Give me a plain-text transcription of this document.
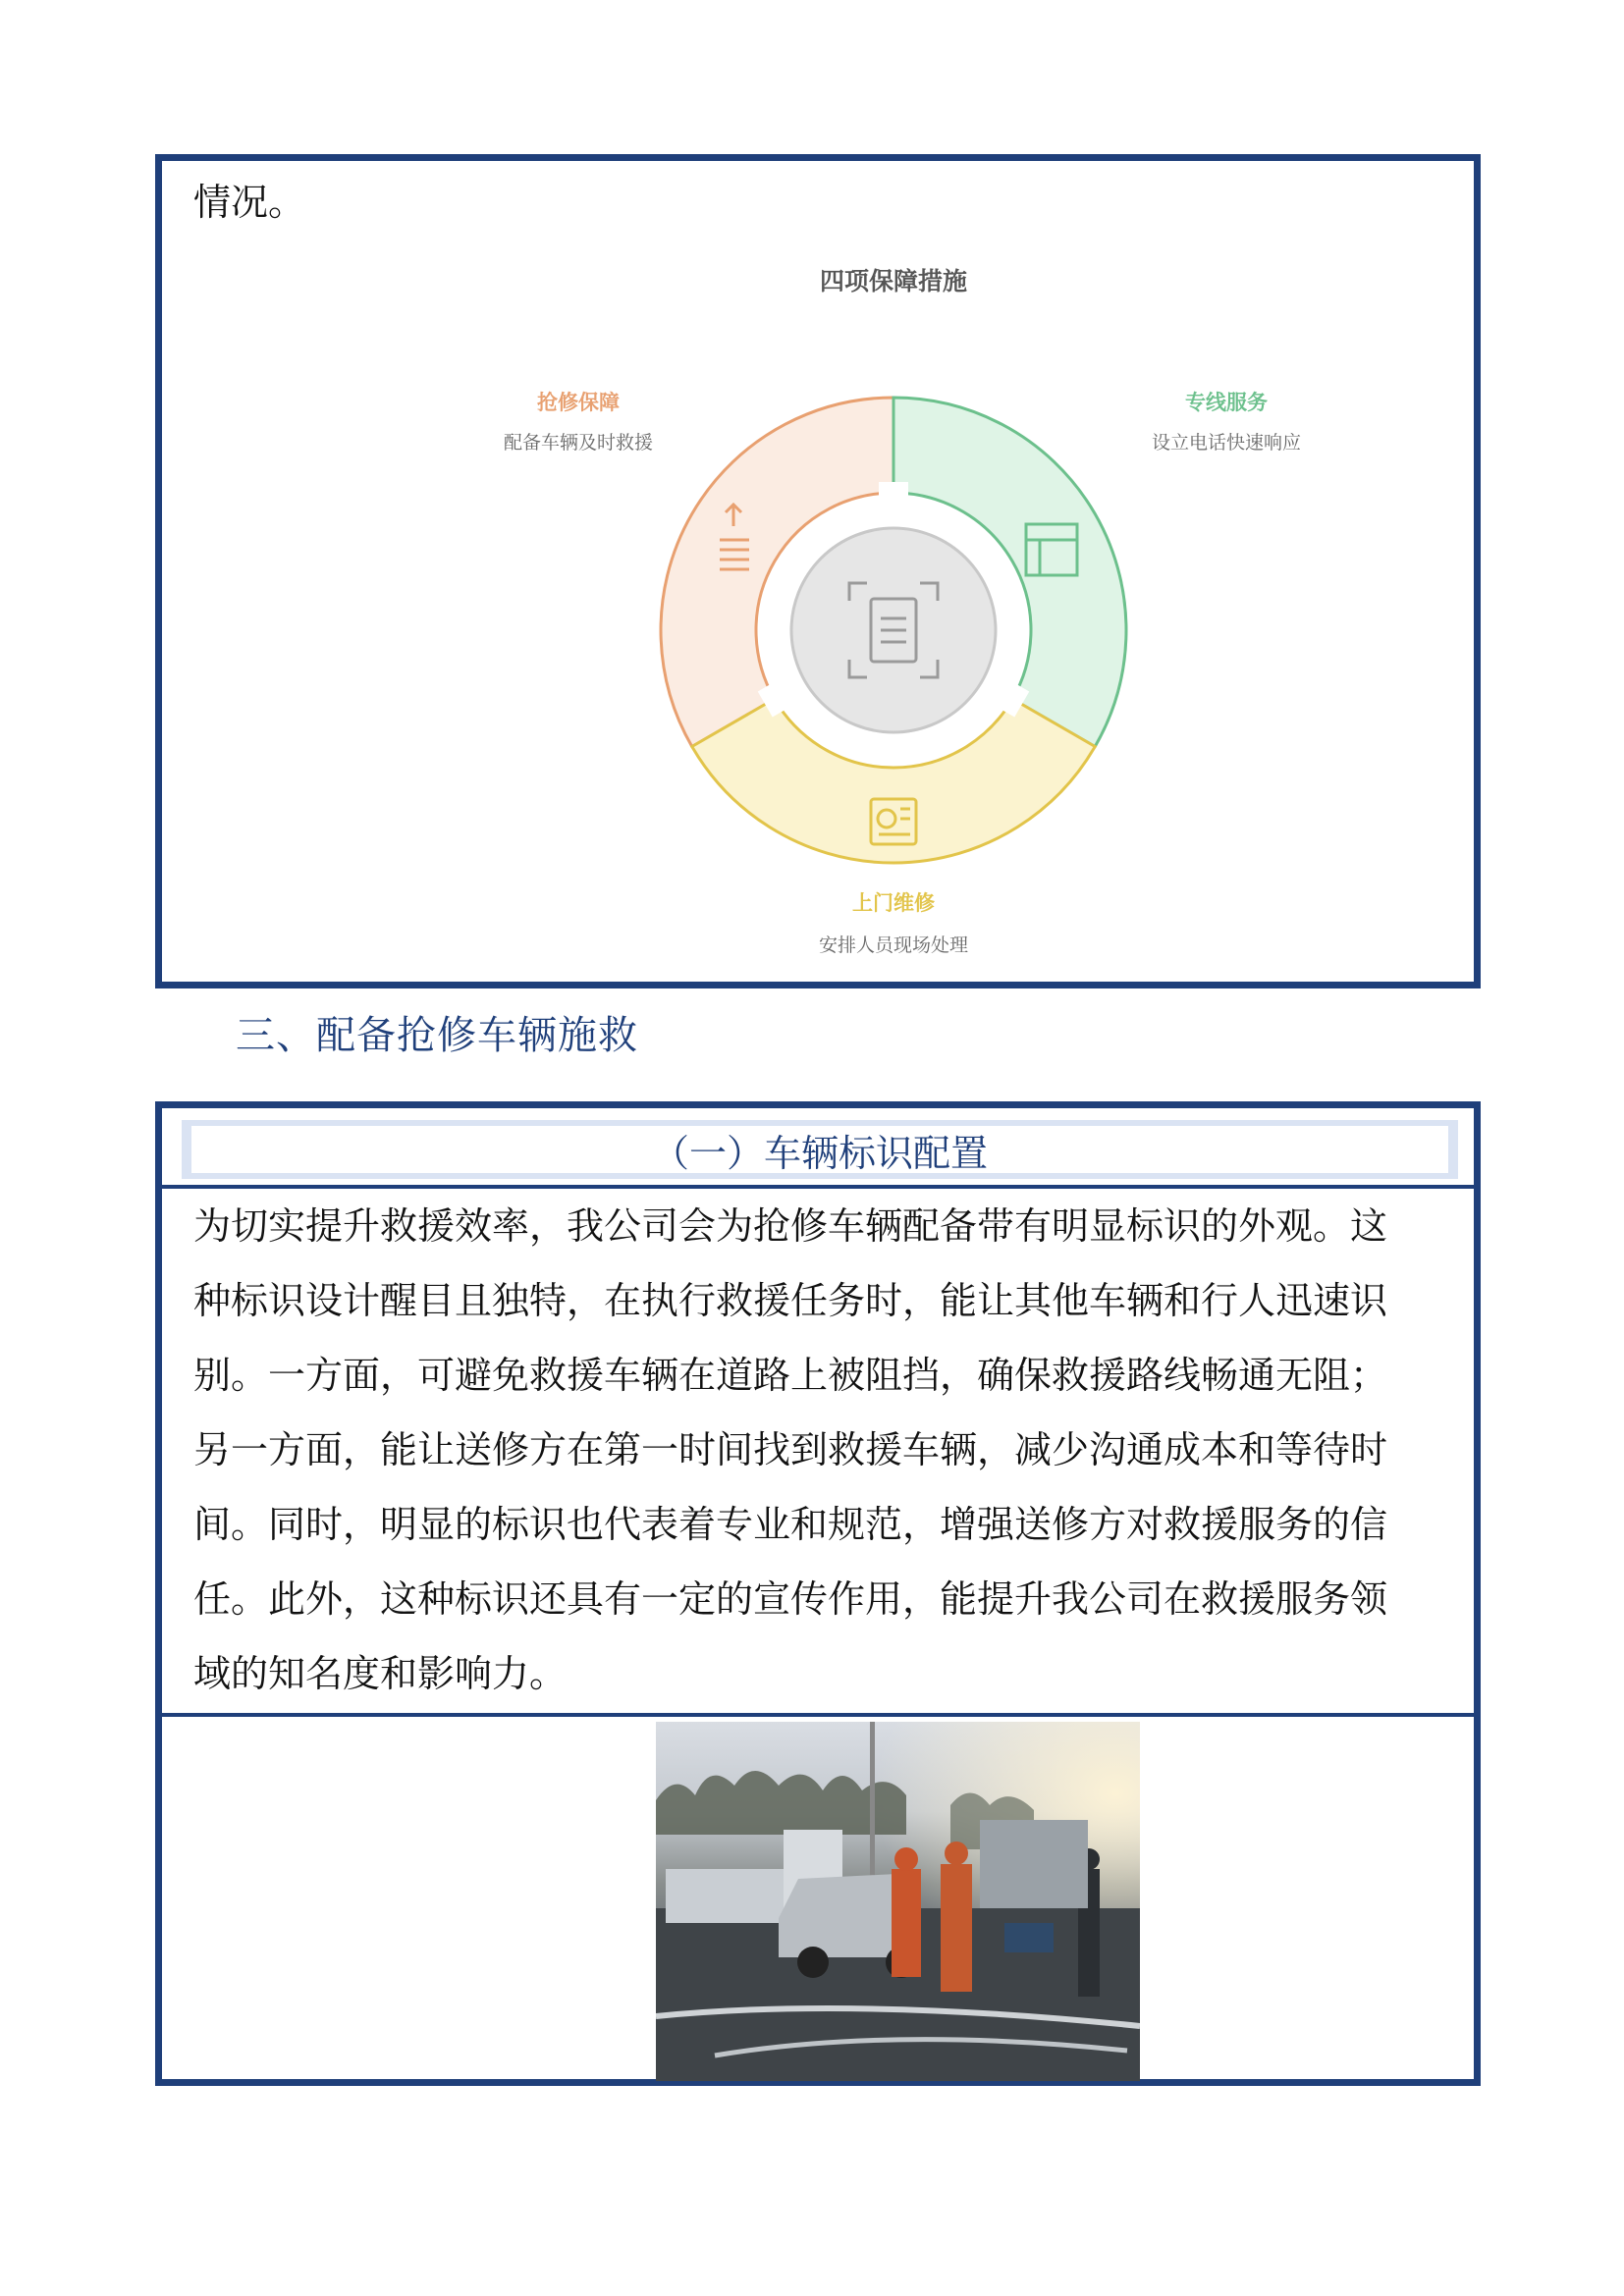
情况。
四项保障措施
抢修保障
配备车辆及时救援
专线服务
设立电话快速响应
上门维修
安排人员现场处理
三、配备抢修车辆施救
（一）车辆标识配置
为切实提升救援效率，我公司会为抢修车辆配备带有明显标识的外观。这
种标识设计醒目且独特，在执行救援任务时，能让其他车辆和行人迅速识
别。一方面，可避免救援车辆在道路上被阻挡，确保救援路线畅通无阻；
另一方面，能让送修方在第一时间找到救援车辆，减少沟通成本和等待时
间。同时，明显的标识也代表着专业和规范，增强送修方对救援服务的信
任。此外，这种标识还具有一定的宣传作用，能提升我公司在救援服务领
域的知名度和影响力。
